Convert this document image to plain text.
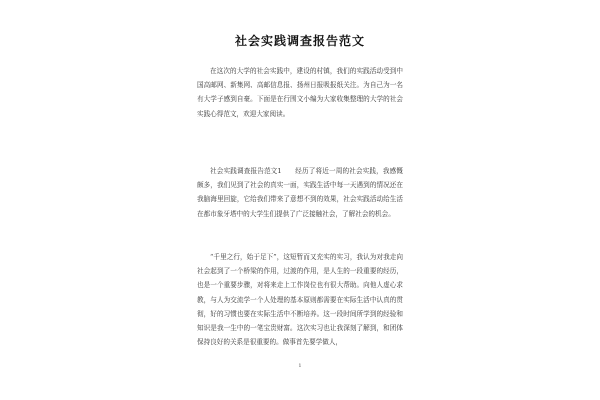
社会实践调查报告范文
在这次的大学的社会实践中，建设的村镇，我们的实践活动受到中国高邮网、新集网、高邮信息报、扬州日报吸报纸关注。为自己为一名有大学子感到自豪。下面是在行围文小编为大家收集整理的大学的社会实践心得范文，欢迎大家阅读。
社会实践调查报告范文1　　经历了将近一周的社会实践，我感慨颇多，我们见到了社会的真实一面，实践生活中每一天遇到的情况还在我脑海里回旋，它给我们带来了意想不到的效果，社会实践活动给生活在都市象牙塔中的大学生们提供了广泛接触社会，了解社会的机会。
“千里之行，始于足下”，这短暂而又充实的实习，我认为对我走向社会起到了一个桥梁的作用，过渡的作用，是人生的一段重要的经历，也是一个重要步骤，对将来走上工作岗位也有很大帮助。向他人虚心求教，与人为交流学一个人处理的基本原则都需要在实际生活中认真的贯彻，好的习惯也要在实际生活中不断培养。这一段时间所学到的经验和知识是我一生中的一笔宝贵财富。这次实习也让我深刻了解到，和团体保持良好的关系是很重要的。做事首先要学做人，
1
